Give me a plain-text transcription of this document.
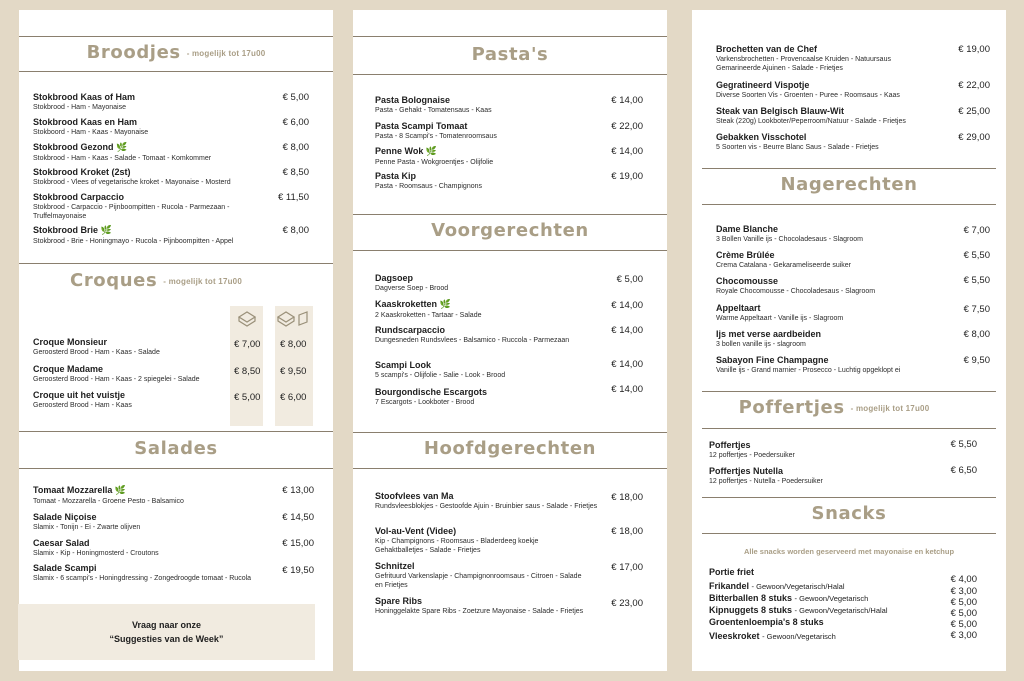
Broodjes - mogelijk tot 17u00
Stokbrood Kaas of Ham
Stokbrood - Ham - Mayonaise
€ 5,00
Stokbrood Kaas en Ham
Stokboord - Ham - Kaas - Mayonaise
€ 6,00
Stokbrood Gezond 🌿
Stokbrood - Ham - Kaas - Salade - Tomaat - Komkommer
€ 8,00
Stokbrood Kroket (2st)
Stokbrood - Vlees of vegetarische kroket - Mayonaise - Mosterd
€ 8,50
Stokbrood Carpaccio
Stokbrood - Carpaccio - Pijnboompitten - Rucola - Parmezaan - Truffelmayonaise
€ 11,50
Stokbrood Brie 🌿
Stokbrood - Brie - Honingmayo - Rucola - Pijnboompitten - Appel
€ 8,00
Croques - mogelijk tot 17u00
Croque Monsieur
Geroosterd Brood - Ham - Kaas - Salade
€ 7,00 € 8,00
Croque Madame
Geroosterd Brood - Ham - Kaas - 2 spiegelei - Salade
€ 8,50 € 9,50
Croque uit het vuistje
Geroosterd Brood - Ham - Kaas
€ 5,00 € 6,00
Salades
Tomaat Mozzarella 🌿
Tomaat - Mozzarella - Groene Pesto - Balsamico
€ 13,00
Salade Niçoise
Slamix - Tonijn - Ei - Zwarte olijven
€ 14,50
Caesar Salad
Slamix - Kip - Honingmosterd - Croutons
€ 15,00
Salade Scampi
Slamix - 6 scampi's - Honingdressing - Zongedroogde tomaat - Rucola
€ 19,50
Vraag naar onze
“Suggesties van de Week”
Pasta's
Pasta Bolognaise
Pasta - Gehakt - Tomatensaus - Kaas
€ 14,00
Pasta Scampi Tomaat
Pasta - 8 Scampi's - Tomatenroomsaus
€ 22,00
Penne Wok 🌿
Penne Pasta - Wokgroentjes - Olijfolie
€ 14,00
Pasta Kip
Pasta - Roomsaus - Champignons
€ 19,00
Voorgerechten
Dagsoep
Dagverse Soep - Brood
€ 5,00
Kaaskroketten 🌿
2 Kaaskroketten - Tartaar - Salade
€ 14,00
Rundscarpaccio
Dungesneden Rundsvlees - Balsamico - Ruccola - Parmezaan
€ 14,00
Scampi Look
5 scampi's - Olijfolie - Salie - Look - Brood
€ 14,00
Bourgondische Escargots
7 Escargots - Lookboter - Brood
€ 14,00
Hoofdgerechten
Stoofvlees van Ma
Rundsvleesblokjes - Gestoofde Ajuin - Bruinbier saus - Salade - Frietjes
€ 18,00
Vol-au-Vent (Videe)
Kip - Champignons - Roomsaus - Bladerdeeg koekje Gehaktballetjes - Salade - Frietjes
€ 18,00
Schnitzel
Gefrituurd Varkenslapje - Champignonroomsaus - Citroen - Salade en Frietjes
€ 17,00
Spare Ribs
Honinggelakte Spare Ribs - Zoetzure Mayonaise - Salade - Frietjes
€ 23,00
Brochetten van de Chef
Varkensbrochetten - Provencaalse Kruiden - Natuursaus Gemarineerde Ajuinen - Salade - Frietjes
€ 19,00
Gegratineerd Vispotje
Diverse Soorten Vis - Groenten - Puree - Roomsaus - Kaas
€ 22,00
Steak van Belgisch Blauw-Wit
Steak (220g) Lookboter/Peperroom/Natuur - Salade - Frietjes
€ 25,00
Gebakken Visschotel
5 Soorten vis - Beurre Blanc Saus - Salade - Frietjes
€ 29,00
Nagerechten
Dame Blanche
3 Bollen Vanille ijs - Chocoladesaus - Slagroom
€ 7,00
Crème Brûlée
Crema Catalana - Gekarameliseerde suiker
€ 5,50
Chocomousse
Royale Chocomousse - Chocoladesaus - Slagroom
€ 5,50
Appeltaart
Warme Appeltaart - Vanille ijs - Slagroom
€ 7,50
Ijs met verse aardbeiden
3 bollen vanille ijs - slagroom
€ 8,00
Sabayon Fine Champagne
Vanille ijs - Grand marnier - Prosecco - Luchtig opgeklopt ei
€ 9,50
Poffertjes - mogelijk tot 17u00
Poffertjes
12 poffertjes - Poedersuiker
€ 5,50
Poffertjes Nutella
12 poffertjes - Nutella - Poedersuiker
€ 6,50
Snacks
Alle snacks worden geserveerd met mayonaise en ketchup
Portie friet
€ 4,00
Frikandel - Gewoon/Vegetarisch/Halal	€ 3,00
Bitterballen 8 stuks - Gewoon/Vegetarisch	€ 5,00
Kipnuggets 8 stuks - Gewoon/Vegetarisch/Halal	€ 5,00
Groentenloempia's 8 stuks	€ 5,00
Vleeskroket - Gewoon/Vegetarisch	€ 3,00
